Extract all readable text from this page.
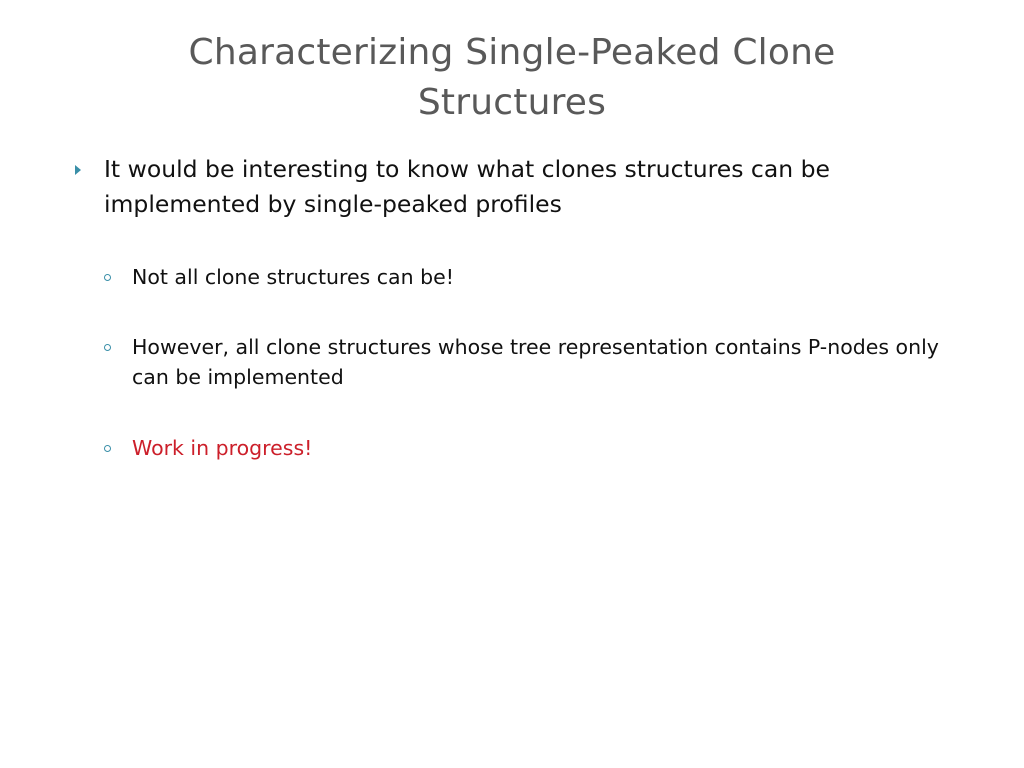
Characterizing Single-Peaked Clone
Structures
It would be interesting to know what clones structures can be implemented by single-peaked profiles
Not all clone structures can be!
However, all clone structures whose tree representation contains P-nodes only can be implemented
Work in progress!
